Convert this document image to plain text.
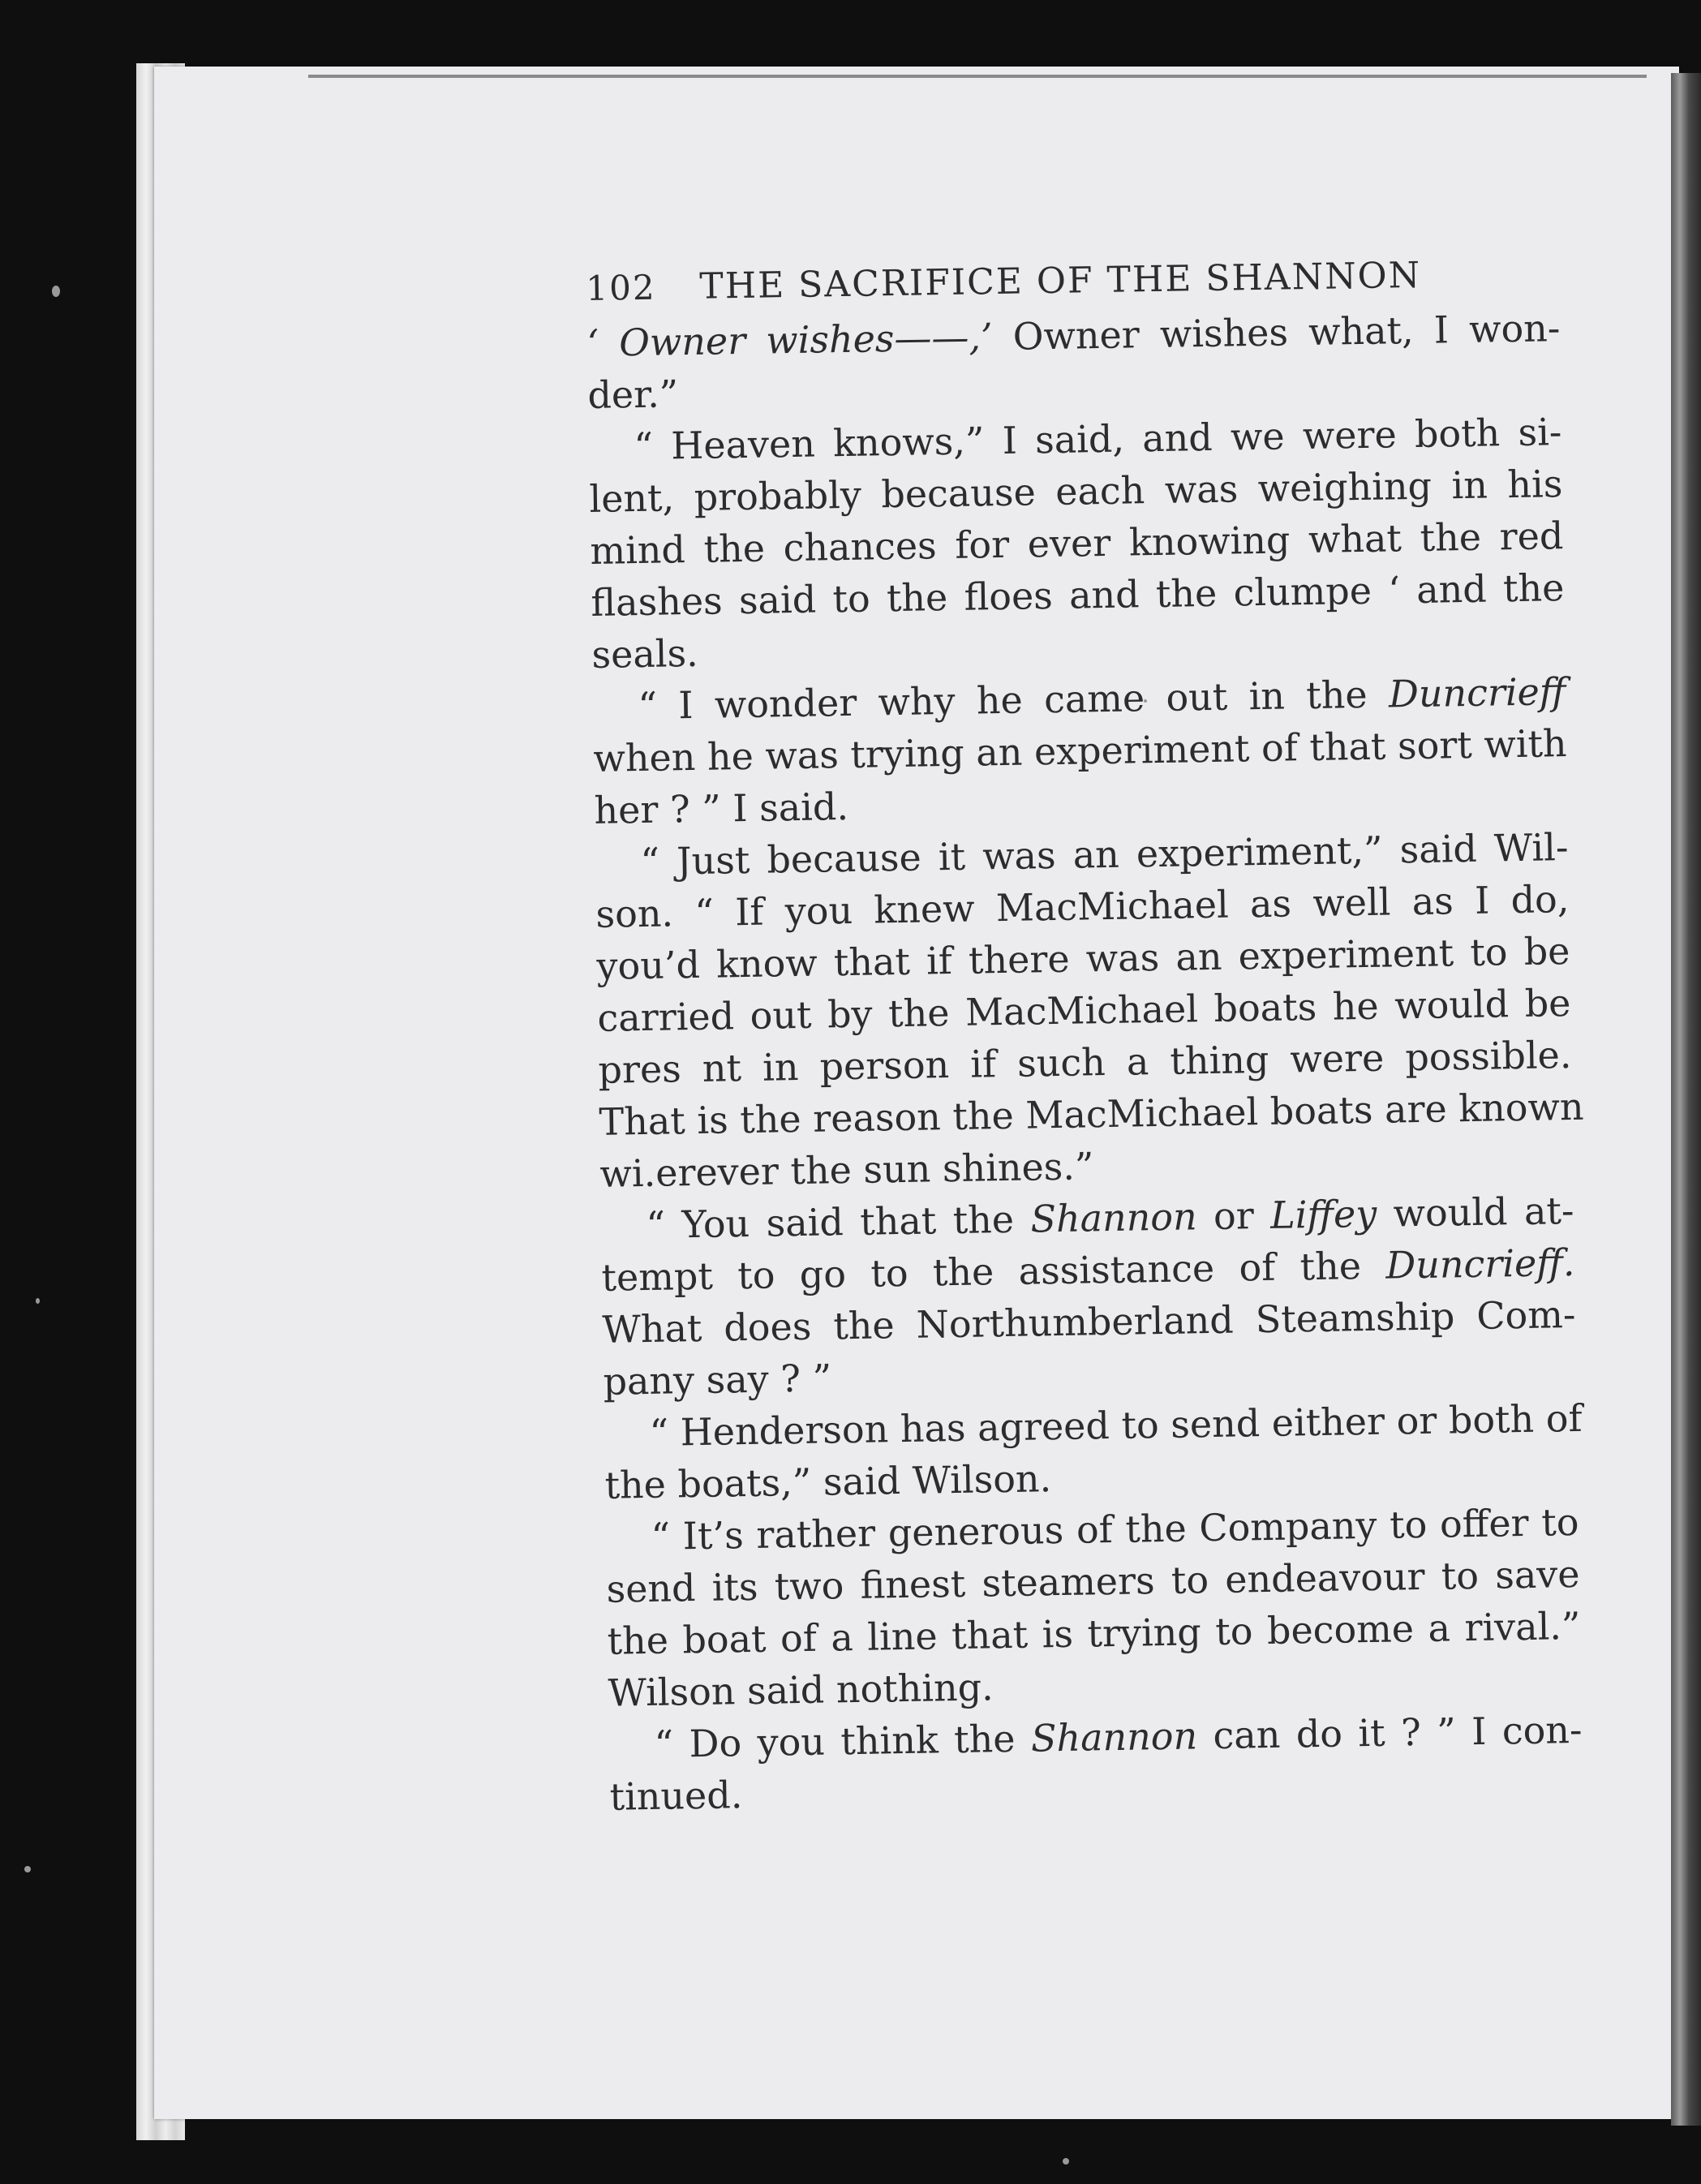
102	THE SACRIFICE OF THE SHANNON

‘ Owner wishes——,’ Owner wishes what, I won-
der.”

“ Heaven knows,” I said, and we were both si-
lent, probably because each was weighing in his
mind the chances for ever knowing what the red
flashes said to the floes and the clumpe ‘ and the
seals.

“ I wonder why he came out in the Duncrieff
when he was trying an experiment of that sort with
her ? ” I said.

“ Just because it was an experiment,” said Wil-
son. “ If you knew MacMichael as well as I do,
you’d know that if there was an experiment to be
carried out by the MacMichael boats he would be
pres nt in person if such a thing were possible.
That is the reason the MacMichael boats are known
wi.erever the sun shines.”

“ You said that the Shannon or Liffey would at-
tempt to go to the assistance of the Duncrieff.
What does the Northumberland Steamship Com-
pany say ? ”

“ Henderson has agreed to send either or both of
the boats,” said Wilson.

“ It’s rather generous of the Company to offer to
send its two finest steamers to endeavour to save
the boat of a line that is trying to become a rival.”
Wilson said nothing.

“ Do you think the Shannon can do it ? ” I con-
tinued.
